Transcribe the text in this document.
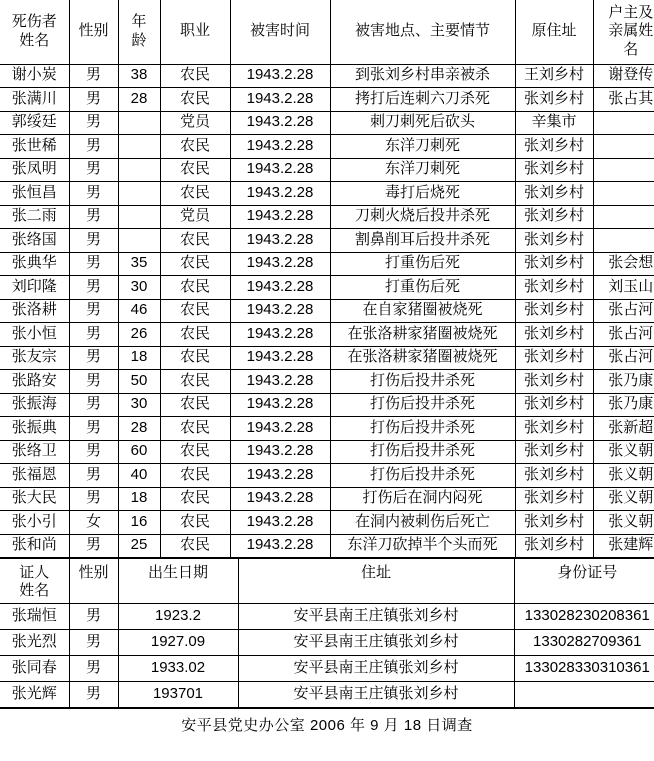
死伤者姓名	性别	年龄	职业	被害时间	被害地点、主要情节	原住址	户主及亲属姓名
谢小炭	男	38	农民	1943.2.28	到张刘乡村串亲被杀	王刘乡村	谢登传
张满川	男	28	农民	1943.2.28	拷打后连刺六刀杀死	张刘乡村	张占其
郭绥廷	男		党员	1943.2.28	刺刀刺死后砍头	辛集市	
张世稀	男		农民	1943.2.28	东洋刀刺死	张刘乡村	
张凤明	男		农民	1943.2.28	东洋刀刺死	张刘乡村	
张恒昌	男		农民	1943.2.28	毒打后烧死	张刘乡村	
张二雨	男		党员	1943.2.28	刀刺火烧后投井杀死	张刘乡村	
张络国	男		农民	1943.2.28	割鼻削耳后投井杀死	张刘乡村	
张典华	男	35	农民	1943.2.28	打重伤后死	张刘乡村	张会想
刘印隆	男	30	农民	1943.2.28	打重伤后死	张刘乡村	刘玉山
张洛耕	男	46	农民	1943.2.28	在自家猪圈被烧死	张刘乡村	张占河
张小恒	男	26	农民	1943.2.28	在张洛耕家猪圈被烧死	张刘乡村	张占河
张友宗	男	18	农民	1943.2.28	在张洛耕家猪圈被烧死	张刘乡村	张占河
张路安	男	50	农民	1943.2.28	打伤后投井杀死	张刘乡村	张乃康
张振海	男	30	农民	1943.2.28	打伤后投井杀死	张刘乡村	张乃康
张振典	男	28	农民	1943.2.28	打伤后投井杀死	张刘乡村	张新超
张络卫	男	60	农民	1943.2.28	打伤后投井杀死	张刘乡村	张义朝
张福恩	男	40	农民	1943.2.28	打伤后投井杀死	张刘乡村	张义朝
张大民	男	18	农民	1943.2.28	打伤后在洞内闷死	张刘乡村	张义朝
张小引	女	16	农民	1943.2.28	在洞内被刺伤后死亡	张刘乡村	张义朝
张和尚	男	25	农民	1943.2.28	东洋刀砍掉半个头而死	张刘乡村	张建辉
证人姓名	性别	出生日期	住址	身份证号
张瑞恒	男	1923.2	安平县南王庄镇张刘乡村	133028230208361
张光烈	男	1927.09	安平县南王庄镇张刘乡村	1330282709361
张同春	男	1933.02	安平县南王庄镇张刘乡村	133028330310361
张光辉	男	193701	安平县南王庄镇张刘乡村	
安平县党史办公室 2006 年 9 月 18 日调查
